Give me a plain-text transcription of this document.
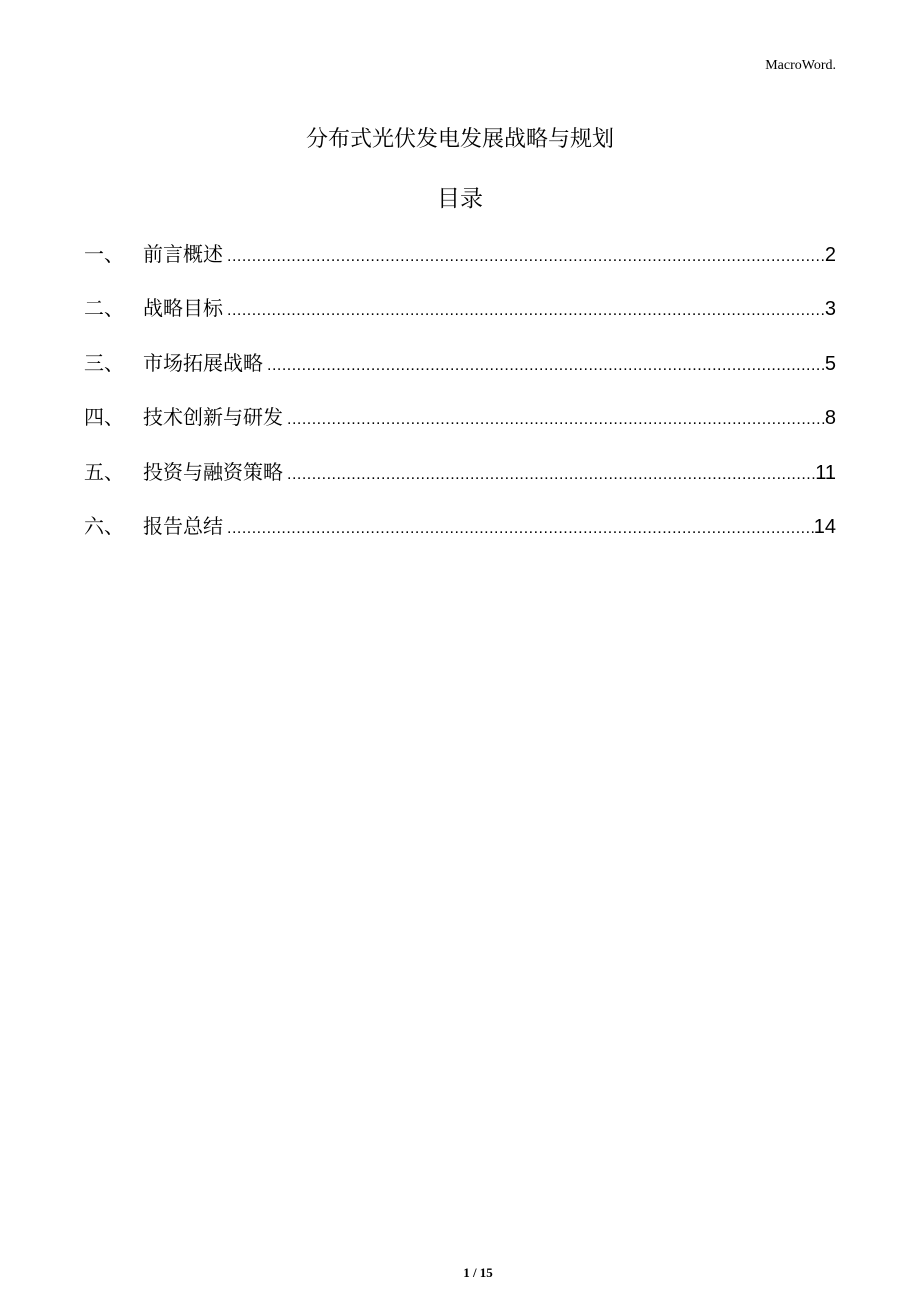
MacroWord.
分布式光伏发电发展战略与规划
目录
一、 前言概述 .....	2
二、 战略目标 .....	3
三、 市场拓展战略 .....	5
四、 技术创新与研发 .....	8
五、 投资与融资策略 .....	11
六、 报告总结 .....	14
1 / 15
